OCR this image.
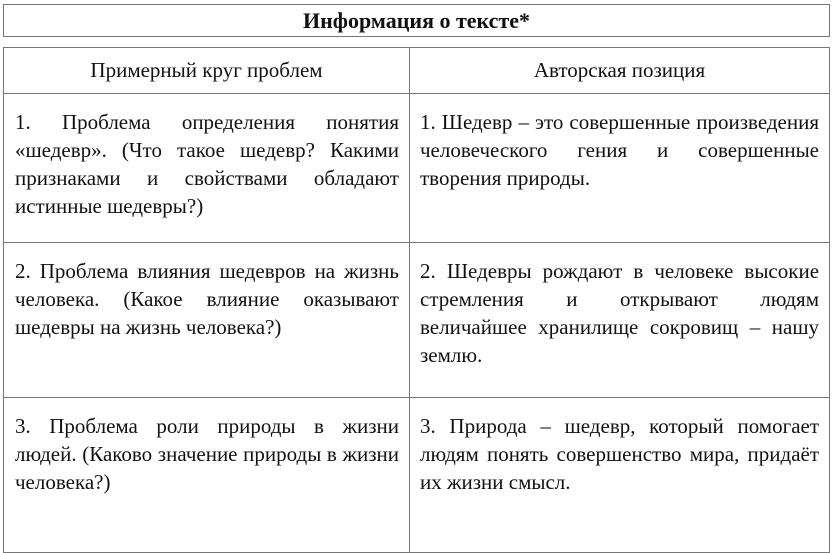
Информация о тексте*	

Примерный круг проблем	Авторская позиция
1. Проблема определения понятия «шедевр». (Что такое шедевр? Какими признаками и свойствами обладают истинные шедевры?)	1. Шедевр – это совершенные произведения человеческого гения и совершенные творения природы.
2. Проблема влияния шедевров на жизнь человека. (Какое влияние оказывают шедевры на жизнь человека?)	2. Шедевры рождают в человеке высокие стремления и открывают людям величайшее хранилище сокровищ – нашу землю.
3. Проблема роли природы в жизни людей. (Каково значение природы в жизни человека?)	3. Природа – шедевр, который помогает людям понять совершенство мира, придаёт их жизни смысл.
